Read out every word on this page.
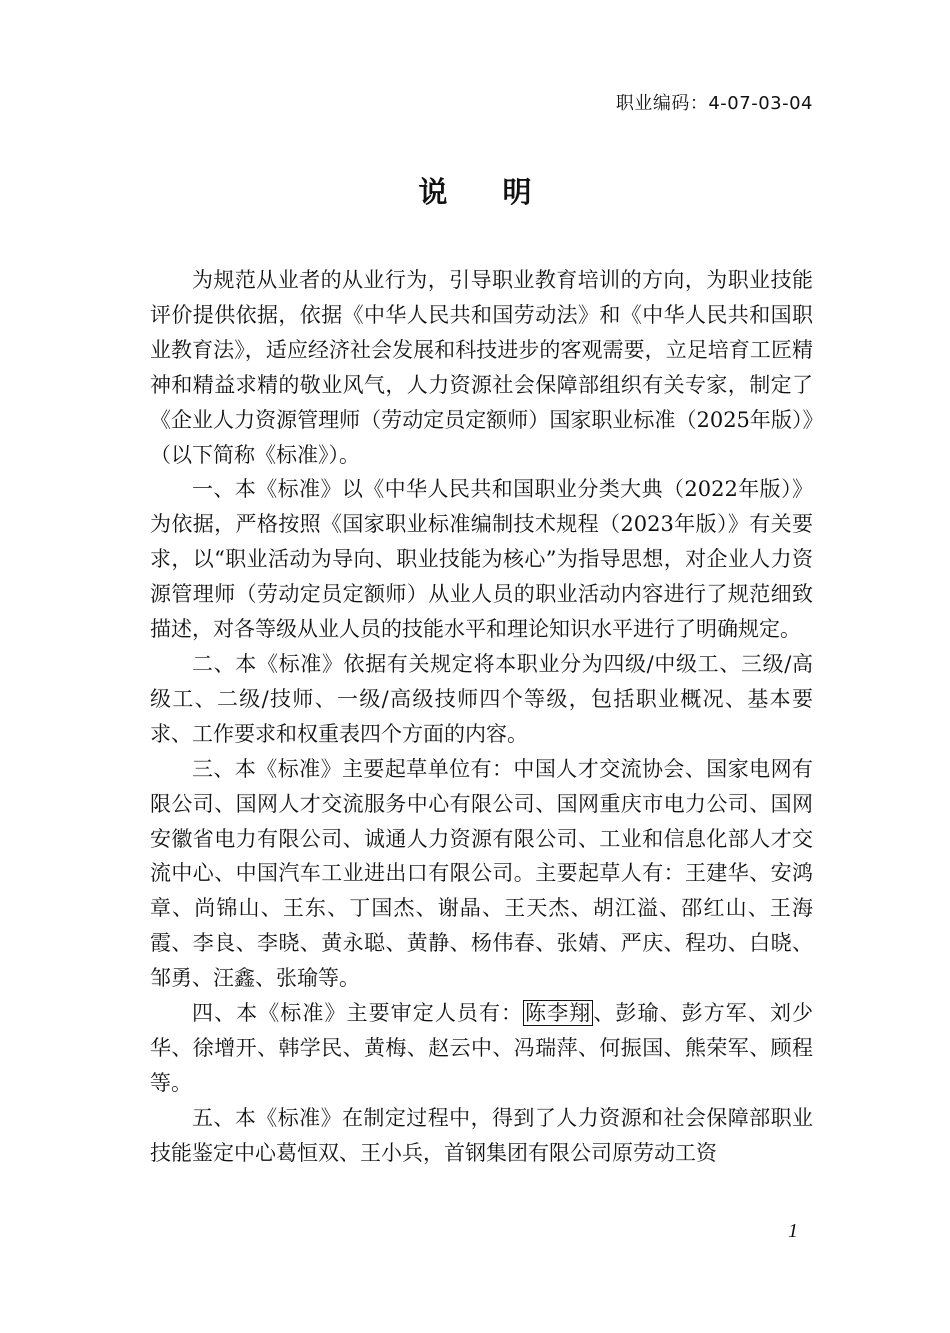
职业编码：4-07-03-04
说明

为规范从业者的从业行为，引导职业教育培训的方向，为职业技能评价提供依据，依据《中华人民共和国劳动法》和《中华人民共和国职业教育法》，适应经济社会发展和科技进步的客观需要，立足培育工匠精神和精益求精的敬业风气，人力资源社会保障部组织有关专家，制定了《企业人力资源管理师（劳动定员定额师）国家职业标准（2025年版）》（以下简称《标准》）。

一、本《标准》以《中华人民共和国职业分类大典（2022年版）》为依据，严格按照《国家职业标准编制技术规程（2023年版）》有关要求，以“职业活动为导向、职业技能为核心”为指导思想，对企业人力资源管理师（劳动定员定额师）从业人员的职业活动内容进行了规范细致描述，对各等级从业人员的技能水平和理论知识水平进行了明确规定。

二、本《标准》依据有关规定将本职业分为四级/中级工、三级/高级工、二级/技师、一级/高级技师四个等级，包括职业概况、基本要求、工作要求和权重表四个方面的内容。

三、本《标准》主要起草单位有：中国人才交流协会、国家电网有限公司、国网人才交流服务中心有限公司、国网重庆市电力公司、国网安徽省电力有限公司、诚通人力资源有限公司、工业和信息化部人才交流中心、中国汽车工业进出口有限公司。主要起草人有：王建华、安鸿章、尚锦山、王东、丁国杰、谢晶、王天杰、胡江溢、邵红山、王海霞、李良、李晓、黄永聪、黄静、杨伟春、张婧、严庆、程功、白晓、邹勇、汪鑫、张瑜等。

四、本《标准》主要审定人员有：陈李翔、彭瑜、彭方军、刘少华、徐增开、韩学民、黄梅、赵云中、冯瑞萍、何振国、熊荣军、顾程等。

五、本《标准》在制定过程中，得到了人力资源和社会保障部职业技能鉴定中心葛恒双、王小兵，首钢集团有限公司原劳动工资

1
